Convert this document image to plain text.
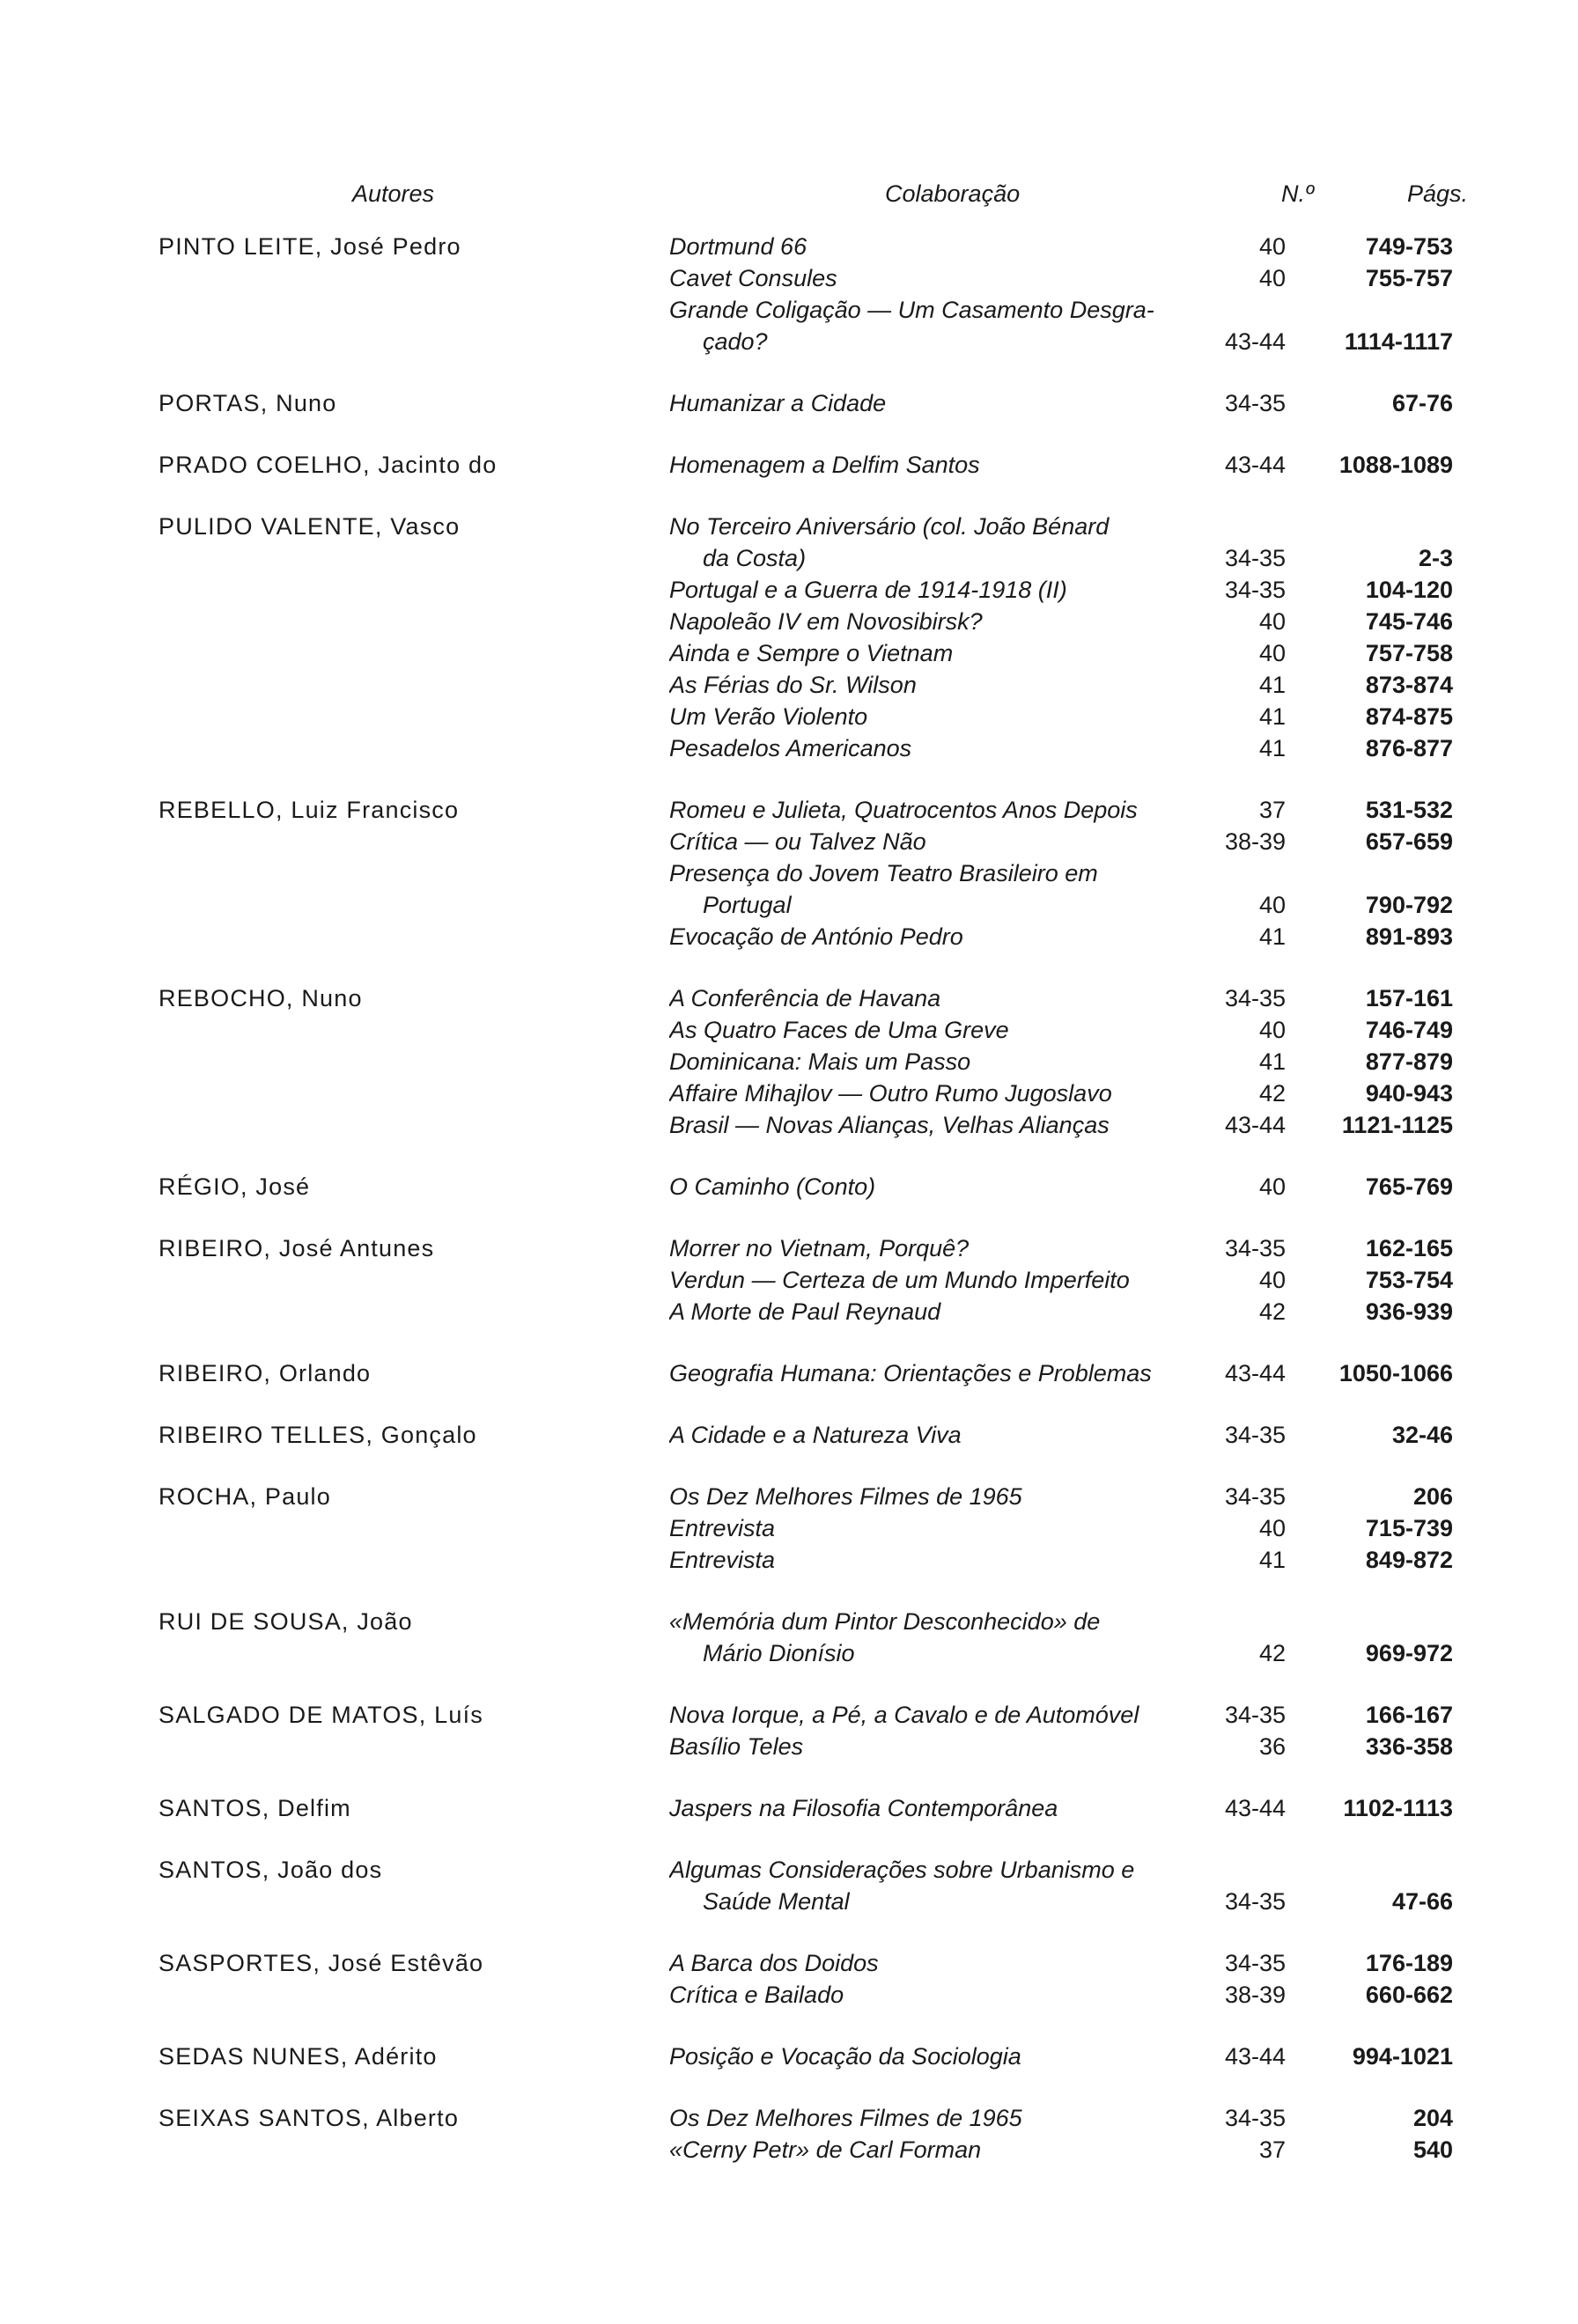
Autores	Colaboração	N.º	Págs.
PINTO LEITE, José Pedro	Dortmund 66	40	749-753
Cavet Consules	40	755-757
Grande Coligação — Um Casamento Desgra-
çado?	43-44	1114-1117
PORTAS, Nuno	Humanizar a Cidade	34-35	67-76
PRADO COELHO, Jacinto do	Homenagem a Delfim Santos	43-44	1088-1089
PULIDO VALENTE, Vasco	No Terceiro Aniversário (col. João Bénard
da Costa)	34-35	2-3
Portugal e a Guerra de 1914-1918 (II)	34-35	104-120
Napoleão IV em Novosibirsk?	40	745-746
Ainda e Sempre o Vietnam	40	757-758
As Férias do Sr. Wilson	41	873-874
Um Verão Violento	41	874-875
Pesadelos Americanos	41	876-877
REBELLO, Luiz Francisco	Romeu e Julieta, Quatrocentos Anos Depois	37	531-532
Crítica — ou Talvez Não	38-39	657-659
Presença do Jovem Teatro Brasileiro em
Portugal	40	790-792
Evocação de António Pedro	41	891-893
REBOCHO, Nuno	A Conferência de Havana	34-35	157-161
As Quatro Faces de Uma Greve	40	746-749
Dominicana: Mais um Passo	41	877-879
Affaire Mihajlov — Outro Rumo Jugoslavo	42	940-943
Brasil — Novas Alianças, Velhas Alianças	43-44	1121-1125
RÉGIO, José	O Caminho (Conto)	40	765-769
RIBEIRO, José Antunes	Morrer no Vietnam, Porquê?	34-35	162-165
Verdun — Certeza de um Mundo Imperfeito	40	753-754
A Morte de Paul Reynaud	42	936-939
RIBEIRO, Orlando	Geografia Humana: Orientações e Problemas	43-44	1050-1066
RIBEIRO TELLES, Gonçalo	A Cidade e a Natureza Viva	34-35	32-46
ROCHA, Paulo	Os Dez Melhores Filmes de 1965	34-35	206
Entrevista	40	715-739
Entrevista	41	849-872
RUI DE SOUSA, João	«Memória dum Pintor Desconhecido» de
Mário Dionísio	42	969-972
SALGADO DE MATOS, Luís	Nova Iorque, a Pé, a Cavalo e de Automóvel	34-35	166-167
Basílio Teles	36	336-358
SANTOS, Delfim	Jaspers na Filosofia Contemporânea	43-44	1102-1113
SANTOS, João dos	Algumas Considerações sobre Urbanismo e
Saúde Mental	34-35	47-66
SASPORTES, José Estêvão	A Barca dos Doidos	34-35	176-189
Crítica e Bailado	38-39	660-662
SEDAS NUNES, Adérito	Posição e Vocação da Sociologia	43-44	994-1021
SEIXAS SANTOS, Alberto	Os Dez Melhores Filmes de 1965	34-35	204
«Cerny Petr» de Carl Forman	37	540
